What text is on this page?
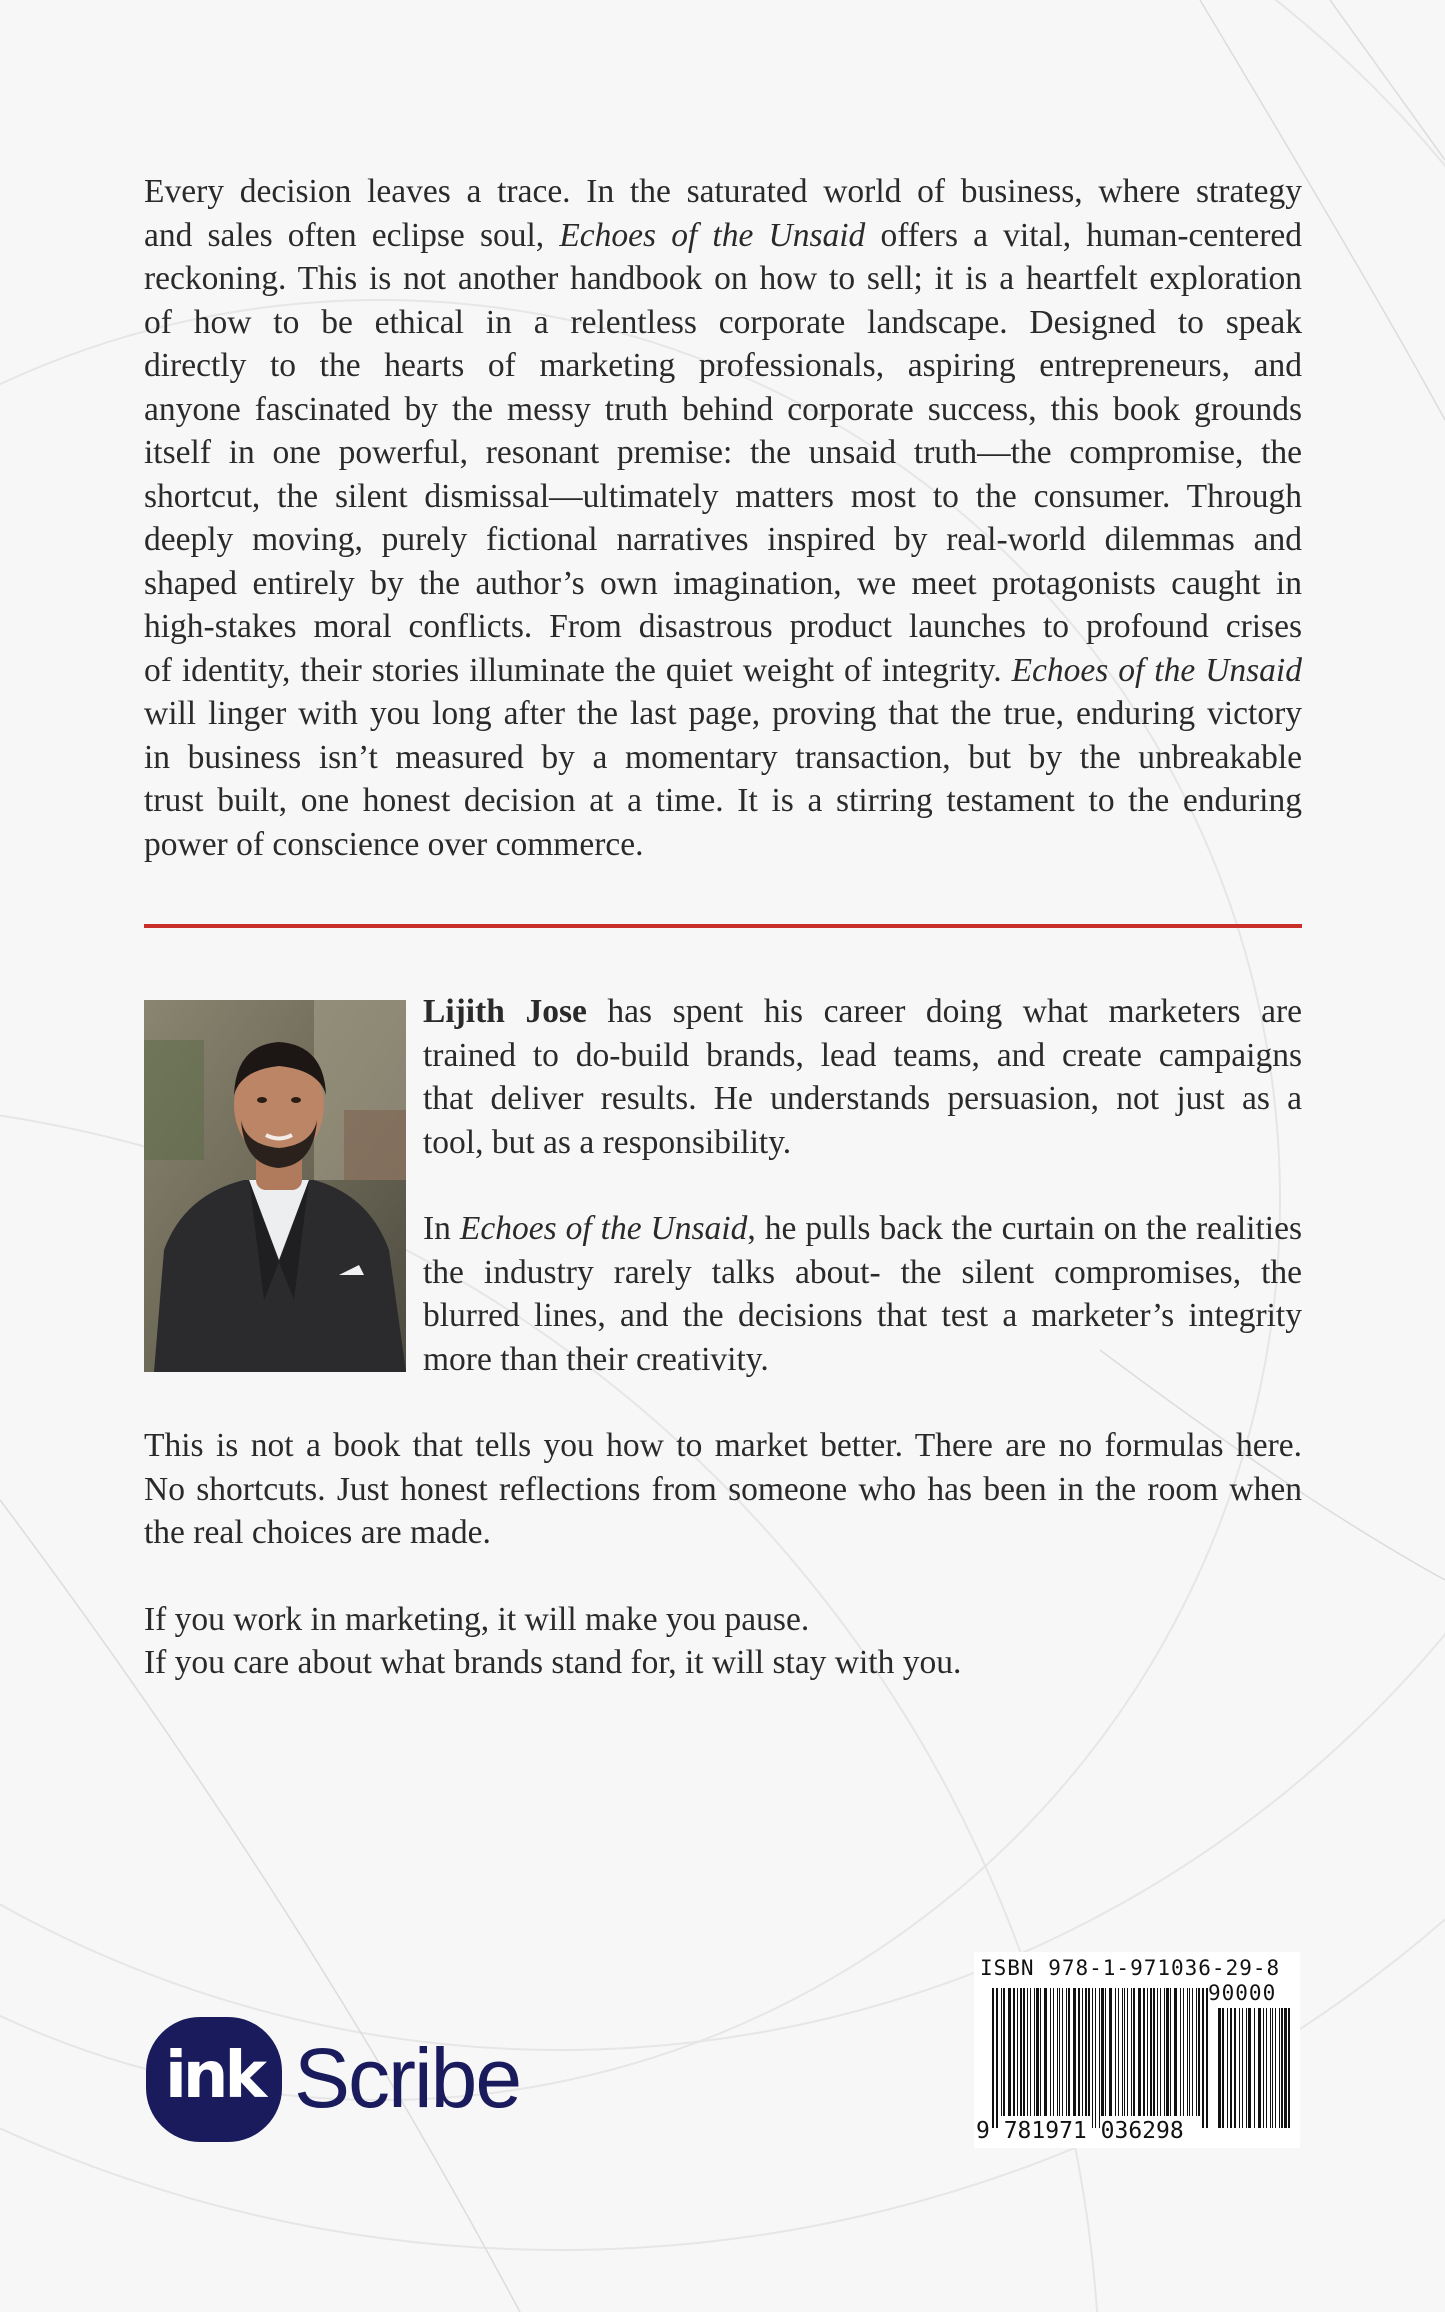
Every decision leaves a trace. In the saturated world of business, where strategy
and sales often eclipse soul, Echoes of the Unsaid offers a vital, human-centered
reckoning. This is not another handbook on how to sell; it is a heartfelt exploration
of how to be ethical in a relentless corporate landscape. Designed to speak
directly to the hearts of marketing professionals, aspiring entrepreneurs, and
anyone fascinated by the messy truth behind corporate success, this book grounds
itself in one powerful, resonant premise: the unsaid truth—the compromise, the
shortcut, the silent dismissal—ultimately matters most to the consumer. Through
deeply moving, purely fictional narratives inspired by real-world dilemmas and
shaped entirely by the author’s own imagination, we meet protagonists caught in
high-stakes moral conflicts. From disastrous product launches to profound crises
of identity, their stories illuminate the quiet weight of integrity. Echoes of the Unsaid
will linger with you long after the last page, proving that the true, enduring victory
in business isn’t measured by a momentary transaction, but by the unbreakable
trust built, one honest decision at a time. It is a stirring testament to the enduring
power of conscience over commerce.

Lijith Jose has spent his career doing what marketers are
trained to do-build brands, lead teams, and create campaigns
that deliver results. He understands persuasion, not just as a
tool, but as a responsibility.

In Echoes of the Unsaid, he pulls back the curtain on the realities
the industry rarely talks about- the silent compromises, the
blurred lines, and the decisions that test a marketer’s integrity
more than their creativity.

This is not a book that tells you how to market better. There are no formulas here.
No shortcuts. Just honest reflections from someone who has been in the room when
the real choices are made.

If you work in marketing, it will make you pause.
If you care about what brands stand for, it will stay with you.

ink Scribe
ISBN 978-1-971036-29-8
90000
9 781971 036298
